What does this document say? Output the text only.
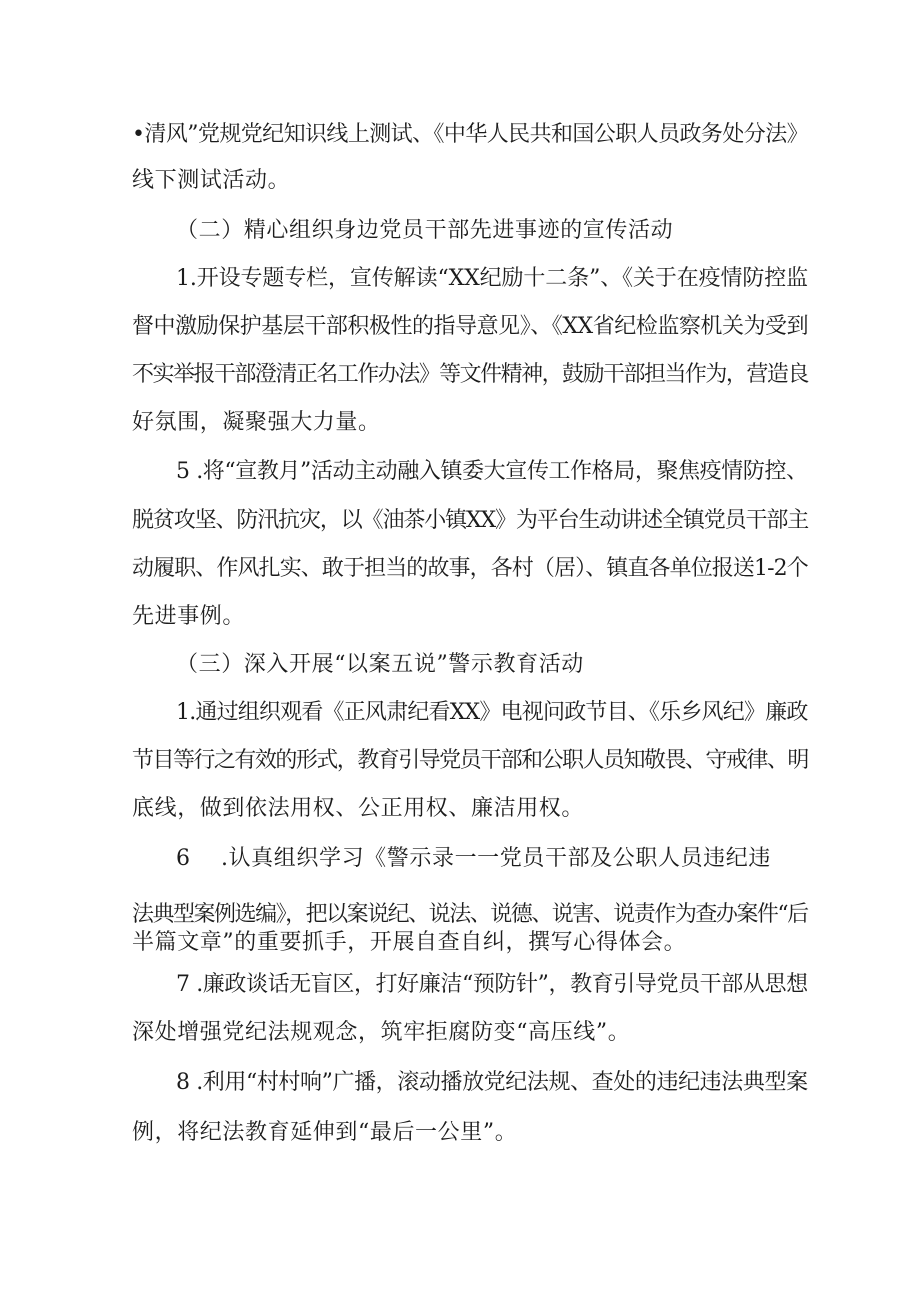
•清风”党规党纪知识线上测试、《中华人民共和国公职人员政务处分法》
线下测试活动。
（二）精心组织身边党员干部先进事迹的宣传活动
1.开设专题专栏，宣传解读“XX纪励十二条”、《关于在疫情防控监
督中激励保护基层干部积极性的指导意见》、《XX省纪检监察机关为受到
不实举报干部澄清正名工作办法》等文件精神，鼓励干部担当作为，营造良
好氛围，凝聚强大力量。
5 .将“宣教月”活动主动融入镇委大宣传工作格局，聚焦疫情防控、
脱贫攻坚、防汛抗灾，以《油茶小镇XX》为平台生动讲述全镇党员干部主
动履职、作风扎实、敢于担当的故事，各村（居）、镇直各单位报送1-2个
先进事例。
（三）深入开展“以案五说”警示教育活动
1.通过组织观看《正风肃纪看XX》电视问政节目、《乐乡风纪》廉政
节目等行之有效的形式，教育引导党员干部和公职人员知敬畏、守戒律、明
底线，做到依法用权、公正用权、廉洁用权。
6    .认真组织学习《警示录一一党员干部及公职人员违纪违
法典型案例选编》，把以案说纪、说法、说德、说害、说责作为查办案件“后
半篇文章”的重要抓手，开展自查自纠，撰写心得体会。
7 .廉政谈话无盲区，打好廉洁“预防针”，教育引导党员干部从思想
深处增强党纪法规观念，筑牢拒腐防变“高压线”。
8 .利用“村村响”广播，滚动播放党纪法规、查处的违纪违法典型案
例，将纪法教育延伸到“最后一公里”。
